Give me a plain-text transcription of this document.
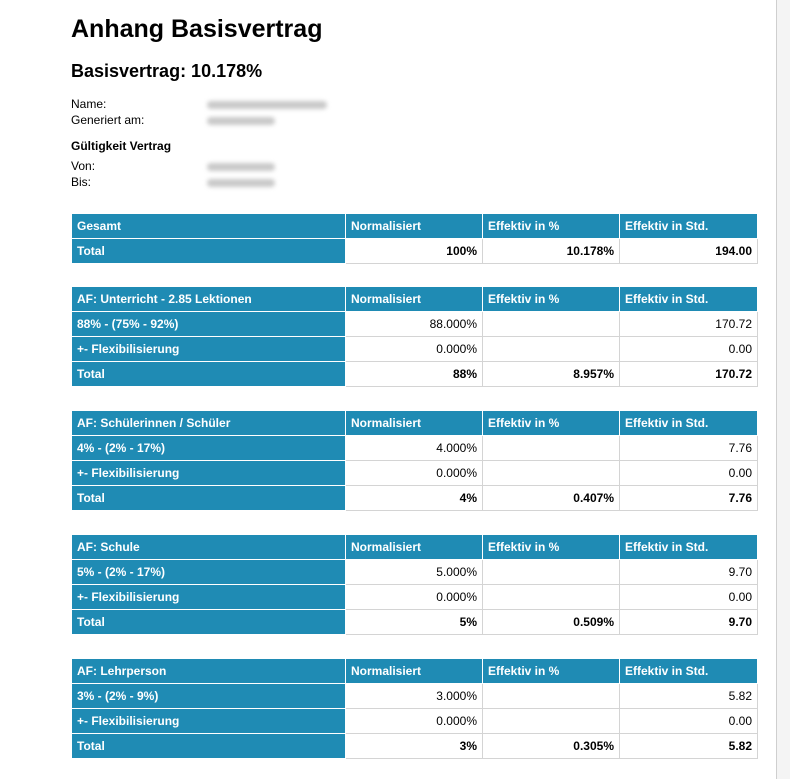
Anhang Basisvertrag
Basisvertrag: 10.178%
Name:
Generiert am:
Gültigkeit Vertrag
Von:
Bis:
Gesamt	Normalisiert	Effektiv in %	Effektiv in Std.
Total	100%	10.178%	194.00
AF: Unterricht - 2.85 Lektionen	Normalisiert	Effektiv in %	Effektiv in Std.
88% - (75% - 92%)	88.000%		170.72
+- Flexibilisierung	0.000%		0.00
Total	88%	8.957%	170.72
AF: Schülerinnen / Schüler	Normalisiert	Effektiv in %	Effektiv in Std.
4% - (2% - 17%)	4.000%		7.76
+- Flexibilisierung	0.000%		0.00
Total	4%	0.407%	7.76
AF: Schule	Normalisiert	Effektiv in %	Effektiv in Std.
5% - (2% - 17%)	5.000%		9.70
+- Flexibilisierung	0.000%		0.00
Total	5%	0.509%	9.70
AF: Lehrperson	Normalisiert	Effektiv in %	Effektiv in Std.
3% - (2% - 9%)	3.000%		5.82
+- Flexibilisierung	0.000%		0.00
Total	3%	0.305%	5.82
